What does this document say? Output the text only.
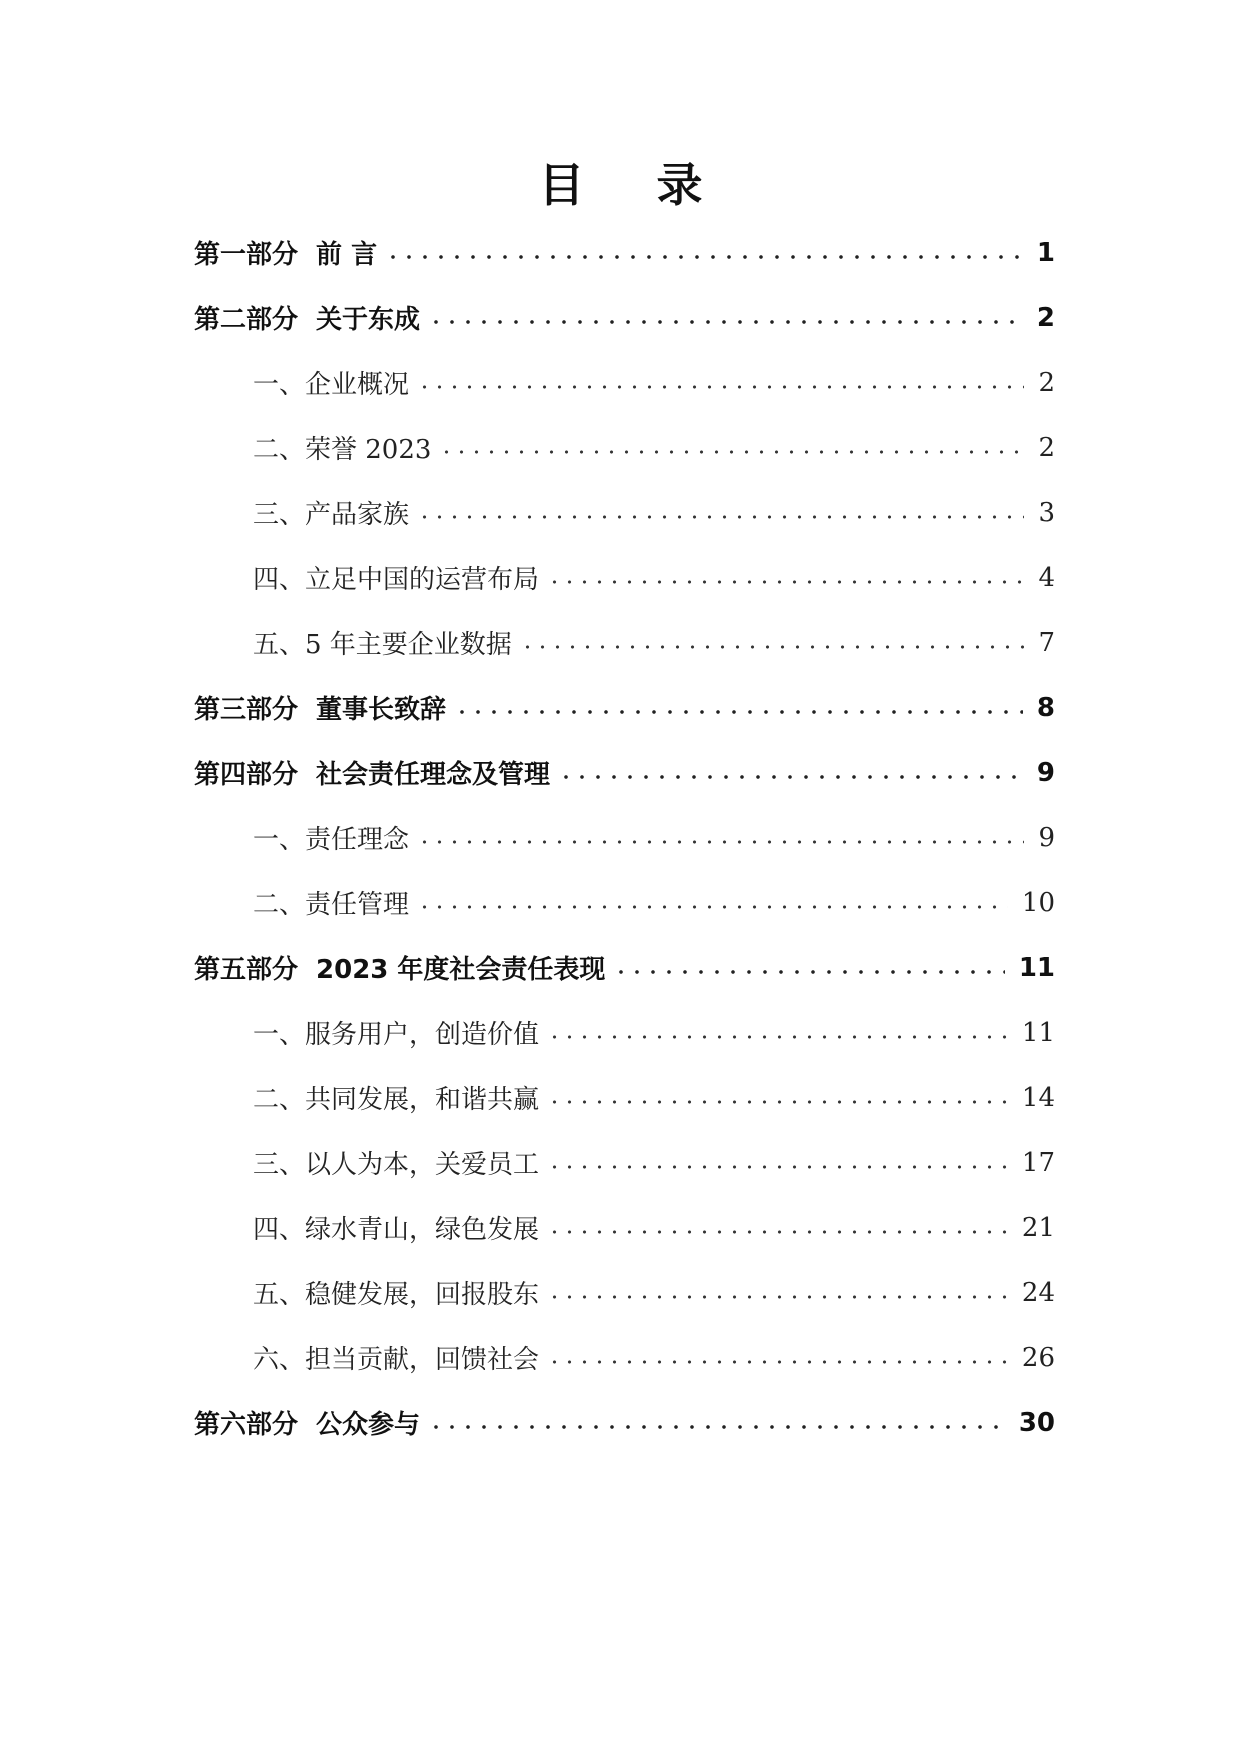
目 录
第一部分 前 言	1
第二部分 关于东成	2
一、企业概况	2
二、荣誉 2023	2
三、产品家族	3
四、立足中国的运营布局	4
五、5 年主要企业数据	7
第三部分 董事长致辞	8
第四部分 社会责任理念及管理	9
一、责任理念	9
二、责任管理	10
第五部分 2023 年度社会责任表现	11
一、服务用户，创造价值	11
二、共同发展，和谐共赢	14
三、以人为本，关爱员工	17
四、绿水青山，绿色发展	21
五、稳健发展，回报股东	24
六、担当贡献，回馈社会	26
第六部分 公众参与	30
